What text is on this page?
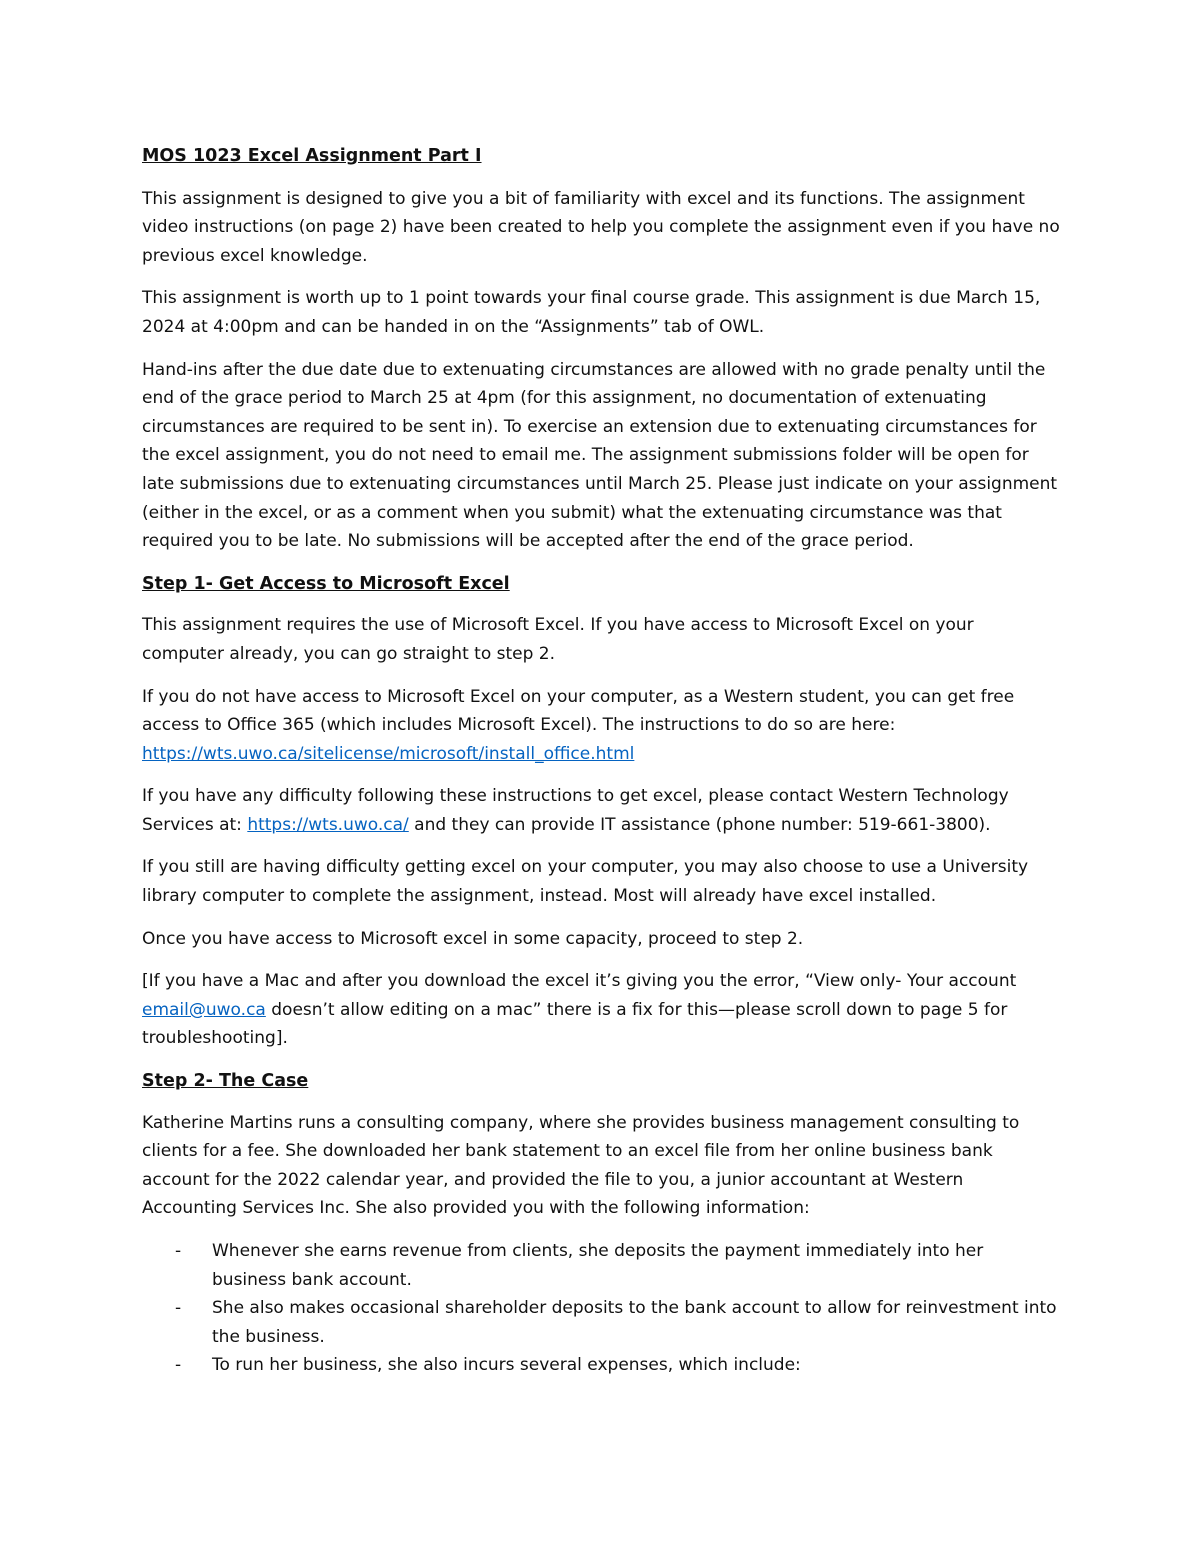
MOS 1023 Excel Assignment Part I

This assignment is designed to give you a bit of familiarity with excel and its functions. The assignment video instructions (on page 2) have been created to help you complete the assignment even if you have no previous excel knowledge.

This assignment is worth up to 1 point towards your final course grade. This assignment is due March 15, 2024 at 4:00pm and can be handed in on the “Assignments” tab of OWL.

Hand-ins after the due date due to extenuating circumstances are allowed with no grade penalty until the end of the grace period to March 25 at 4pm (for this assignment, no documentation of extenuating circumstances are required to be sent in). To exercise an extension due to extenuating circumstances for the excel assignment, you do not need to email me. The assignment submissions folder will be open for late submissions due to extenuating circumstances until March 25. Please just indicate on your assignment (either in the excel, or as a comment when you submit) what the extenuating circumstance was that required you to be late. No submissions will be accepted after the end of the grace period.

Step 1- Get Access to Microsoft Excel

This assignment requires the use of Microsoft Excel. If you have access to Microsoft Excel on your computer already, you can go straight to step 2.

If you do not have access to Microsoft Excel on your computer, as a Western student, you can get free access to Office 365 (which includes Microsoft Excel). The instructions to do so are here:
https://wts.uwo.ca/sitelicense/microsoft/install_office.html

If you have any difficulty following these instructions to get excel, please contact Western Technology Services at: https://wts.uwo.ca/ and they can provide IT assistance (phone number: 519-661-3800).

If you still are having difficulty getting excel on your computer, you may also choose to use a University library computer to complete the assignment, instead. Most will already have excel installed.

Once you have access to Microsoft excel in some capacity, proceed to step 2.

[If you have a Mac and after you download the excel it’s giving you the error, “View only- Your account email@uwo.ca doesn’t allow editing on a mac” there is a fix for this—please scroll down to page 5 for troubleshooting].

Step 2- The Case

Katherine Martins runs a consulting company, where she provides business management consulting to clients for a fee. She downloaded her bank statement to an excel file from her online business bank account for the 2022 calendar year, and provided the file to you, a junior accountant at Western Accounting Services Inc. She also provided you with the following information:

- Whenever she earns revenue from clients, she deposits the payment immediately into her business bank account.
- She also makes occasional shareholder deposits to the bank account to allow for reinvestment into the business.
- To run her business, she also incurs several expenses, which include:
